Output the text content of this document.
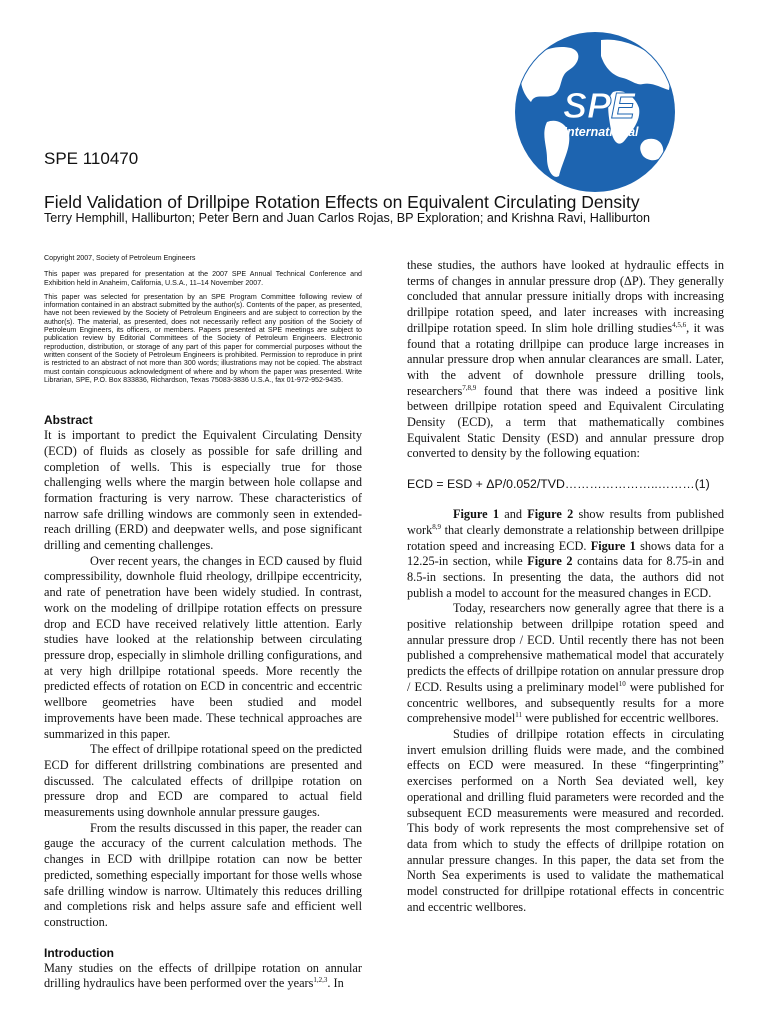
SPE
International
SPE 110470
Field Validation of Drillpipe Rotation Effects on Equivalent Circulating Density
Terry Hemphill, Halliburton; Peter Bern and Juan Carlos Rojas, BP Exploration; and Krishna Ravi, Halliburton

Copyright 2007, Society of Petroleum Engineers

This paper was prepared for presentation at the 2007 SPE Annual Technical Conference and Exhibition held in Anaheim, California, U.S.A., 11–14 November 2007.

This paper was selected for presentation by an SPE Program Committee following review of information contained in an abstract submitted by the author(s). Contents of the paper, as presented, have not been reviewed by the Society of Petroleum Engineers and are subject to correction by the author(s). The material, as presented, does not necessarily reflect any position of the Society of Petroleum Engineers, its officers, or members. Papers presented at SPE meetings are subject to publication review by Editorial Committees of the Society of Petroleum Engineers. Electronic reproduction, distribution, or storage of any part of this paper for commercial purposes without the written consent of the Society of Petroleum Engineers is prohibited. Permission to reproduce in print is restricted to an abstract of not more than 300 words; illustrations may not be copied. The abstract must contain conspicuous acknowledgment of where and by whom the paper was presented. Write Librarian, SPE, P.O. Box 833836, Richardson, Texas 75083-3836 U.S.A., fax 01-972-952-9435.

Abstract

It is important to predict the Equivalent Circulating Density (ECD) of fluids as closely as possible for safe drilling and completion of wells. This is especially true for those challenging wells where the margin between hole collapse and formation fracturing is very narrow. These characteristics of narrow safe drilling windows are commonly seen in extended-reach drilling (ERD) and deepwater wells, and pose significant drilling and cementing challenges.

Over recent years, the changes in ECD caused by fluid compressibility, downhole fluid rheology, drillpipe eccentricity, and rate of penetration have been widely studied. In contrast, work on the modeling of drillpipe rotation effects on pressure drop and ECD have received relatively little attention. Early studies have looked at the relationship between circulating pressure drop, especially in slimhole drilling configurations, and at very high drillpipe rotational speeds. More recently the predicted effects of rotation on ECD in concentric and eccentric wellbore geometries have been studied and model improvements have been made. These technical approaches are summarized in this paper.

The effect of drillpipe rotational speed on the predicted ECD for different drillstring combinations are presented and discussed. The calculated effects of drillpipe rotation on pressure drop and ECD are compared to actual field measurements using downhole annular pressure gauges.

From the results discussed in this paper, the reader can gauge the accuracy of the current calculation methods. The changes in ECD with drillpipe rotation can now be better predicted, something especially important for those wells whose safe drilling window is narrow. Ultimately this reduces drilling and completions risk and helps assure safe and efficient well construction.

Introduction

Many studies on the effects of drillpipe rotation on annular drilling hydraulics have been performed over the years$^{1,2,3}$. In

these studies, the authors have looked at hydraulic effects in terms of changes in annular pressure drop (ΔP). They generally concluded that annular pressure initially drops with increasing drillpipe rotation speed, and later increases with increasing drillpipe rotation speed. In slim hole drilling studies$^{4,5,6}$, it was found that a rotating drillpipe can produce large increases in annular pressure drop when annular clearances are small. Later, with the advent of downhole pressure drilling tools, researchers$^{7,8,9}$ found that there was indeed a positive link between drillpipe rotation speed and Equivalent Circulating Density (ECD), a term that mathematically combines Equivalent Static Density (ESD) and annular pressure drop converted to density by the following equation:

ECD = ESD + ΔP/0.052/TVD…………………..………(1)

Figure 1 and Figure 2 show results from published work$^{8,9}$ that clearly demonstrate a relationship between drillpipe rotation speed and increasing ECD. Figure 1 shows data for a 12.25-in section, while Figure 2 contains data for 8.75-in and 8.5-in sections. In presenting the data, the authors did not publish a model to account for the measured changes in ECD.

Today, researchers now generally agree that there is a positive relationship between drillpipe rotation speed and annular pressure drop / ECD. Until recently there has not been published a comprehensive mathematical model that accurately predicts the effects of drillpipe rotation on annular pressure drop / ECD. Results using a preliminary model$^{10}$ were published for concentric wellbores, and subsequently results for a more comprehensive model$^{11}$ were published for eccentric wellbores.

Studies of drillpipe rotation effects in circulating invert emulsion drilling fluids were made, and the combined effects on ECD were measured. In these “fingerprinting” exercises performed on a North Sea deviated well, key operational and drilling fluid parameters were recorded and the subsequent ECD measurements were measured and recorded. This body of work represents the most comprehensive set of data from which to study the effects of drillpipe rotation on annular pressure changes. In this paper, the data set from the North Sea experiments is used to validate the mathematical model constructed for drillpipe rotational effects in concentric and eccentric wellbores.
